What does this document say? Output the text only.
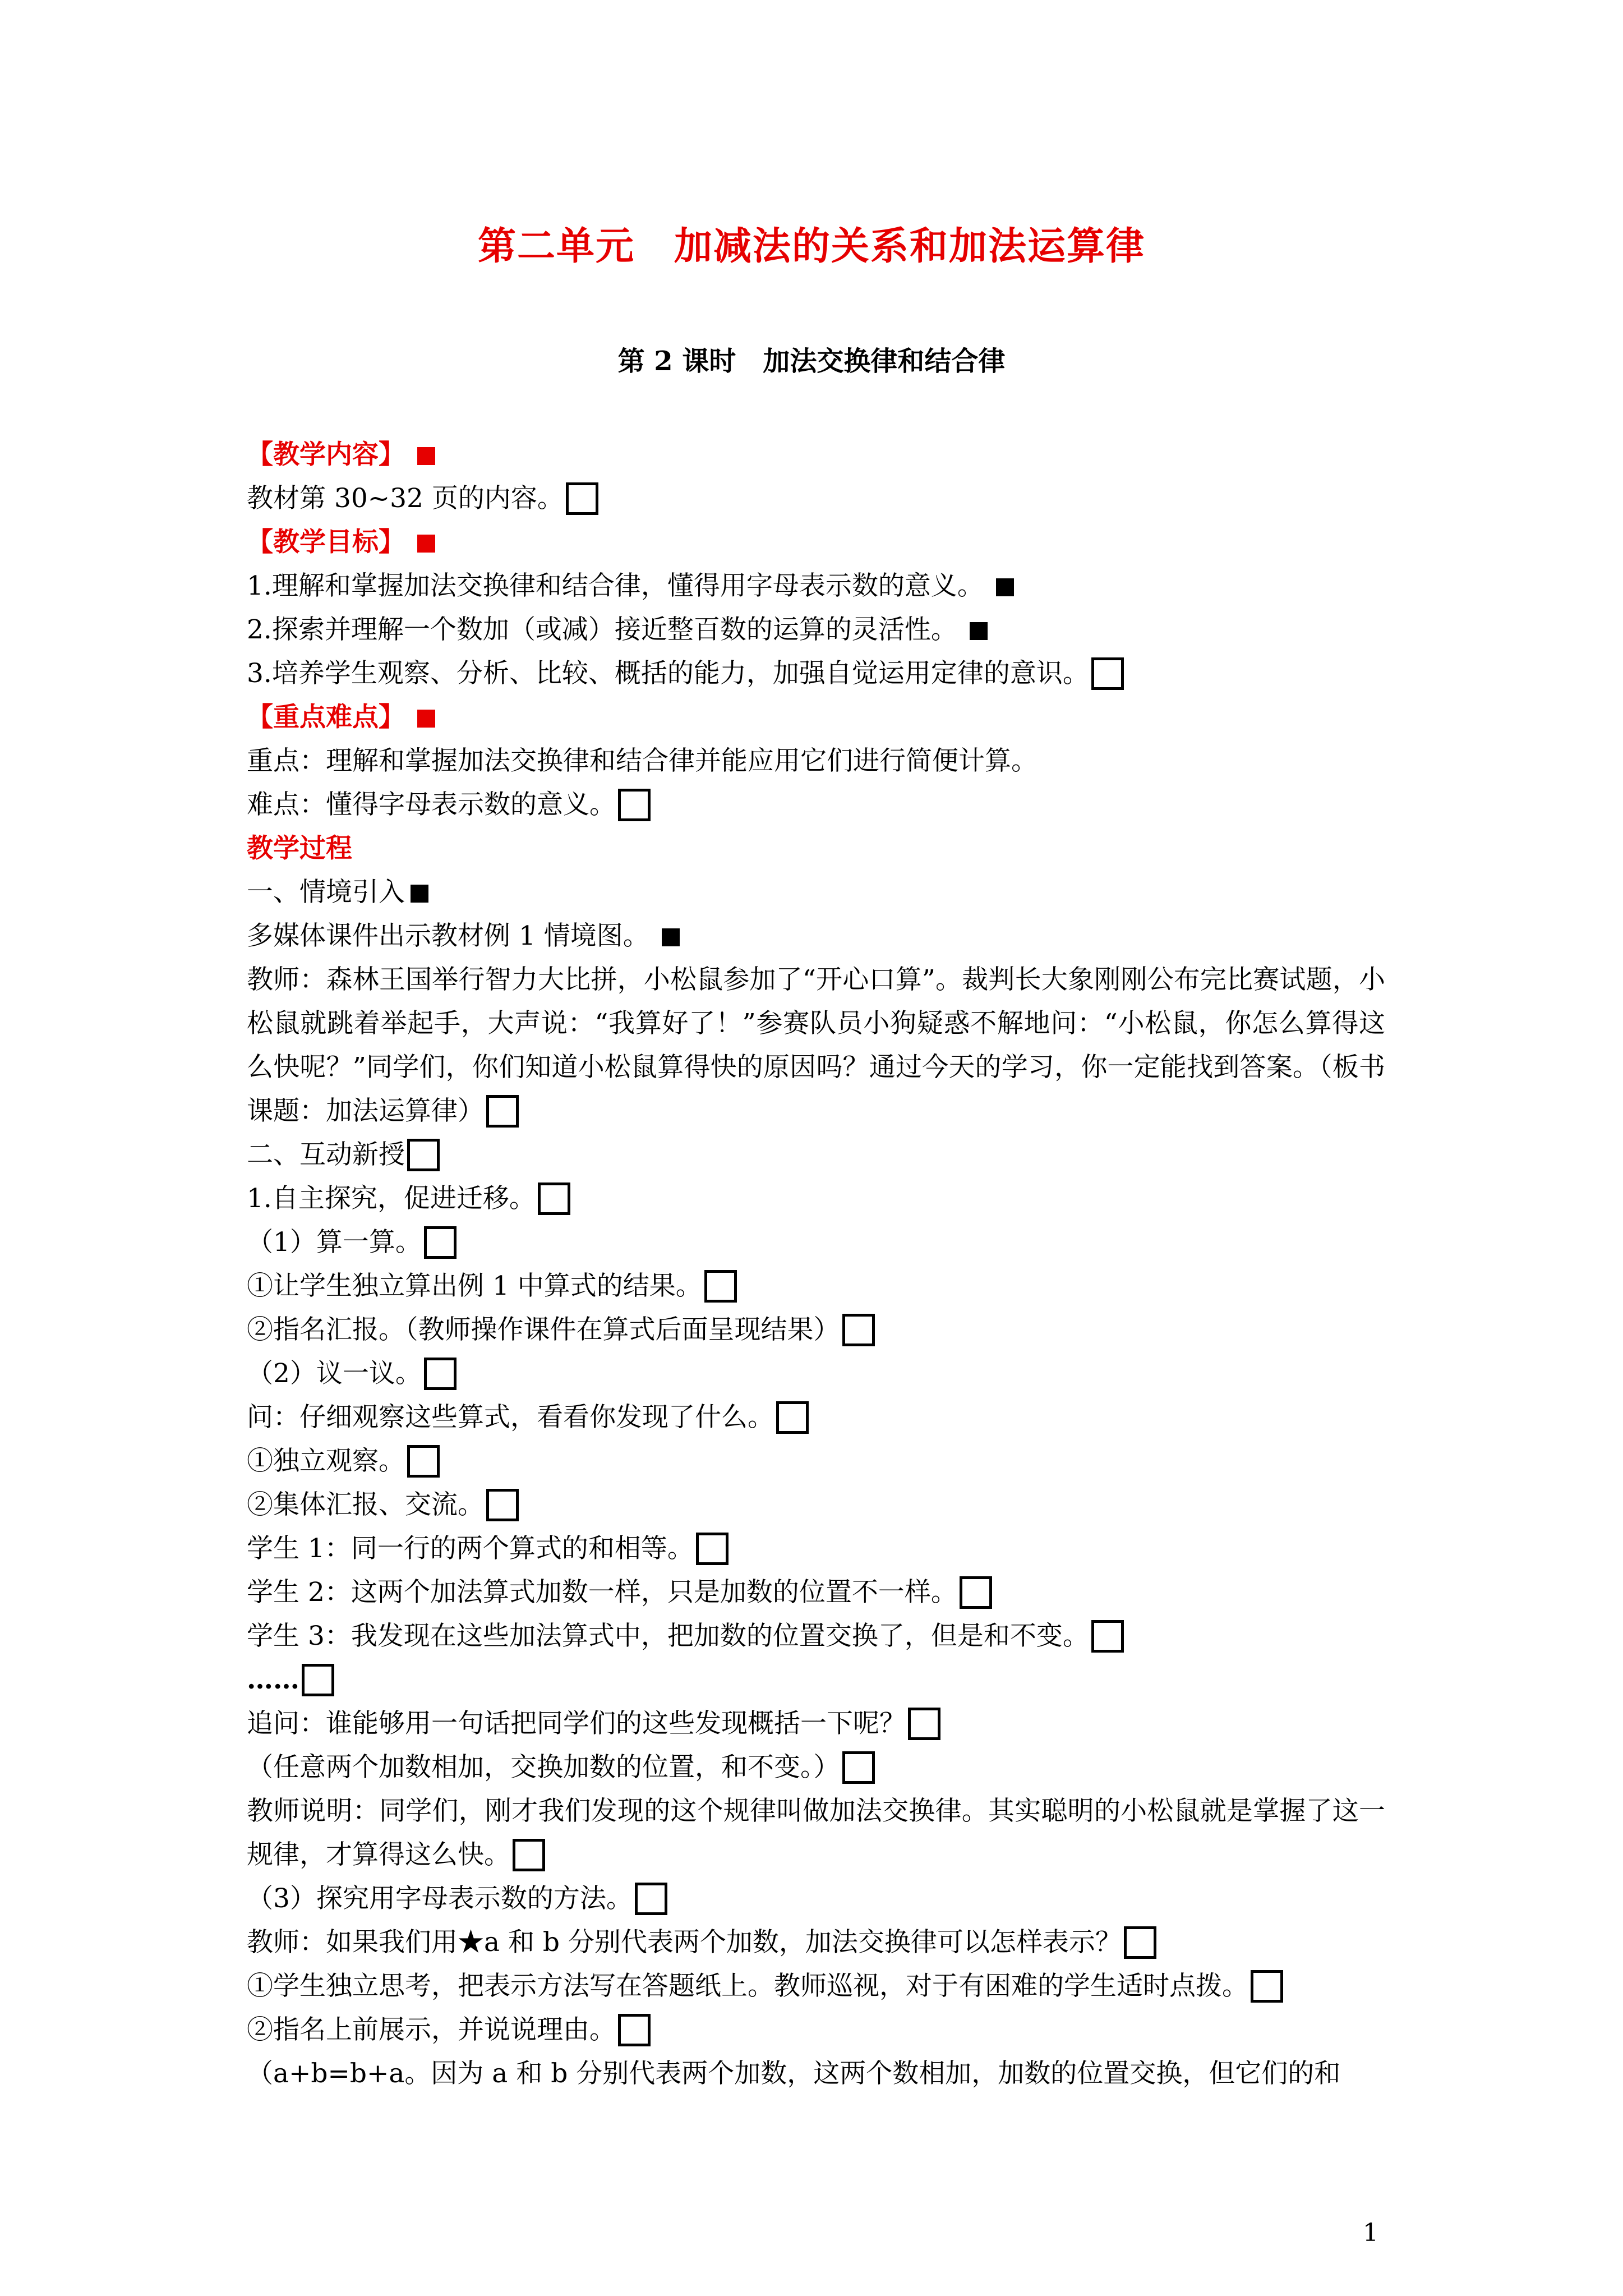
第二单元　加减法的关系和加法运算律
第 2 课时　加法交换律和结合律
【教学内容】
教材第 30~32 页的内容。
【教学目标】
1.理解和掌握加法交换律和结合律，懂得用字母表示数的意义。
2.探索并理解一个数加（或减）接近整百数的运算的灵活性。
3.培养学生观察、分析、比较、概括的能力，加强自觉运用定律的意识。
【重点难点】
重点：理解和掌握加法交换律和结合律并能应用它们进行简便计算。
难点：懂得字母表示数的意义。
教学过程
一、情境引入
多媒体课件出示教材例 1 情境图。
教师：森林王国举行智力大比拼，小松鼠参加了“开心口算”。裁判长大象刚刚公布完比赛试题，小松鼠就跳着举起手，大声说：“我算好了！”参赛队员小狗疑惑不解地问：“小松鼠，你怎么算得这么快呢？”同学们，你们知道小松鼠算得快的原因吗？通过今天的学习，你一定能找到答案。（板书课题：加法运算律）
二、互动新授
1.自主探究，促进迁移。
（1）算一算。
①让学生独立算出例 1 中算式的结果。
②指名汇报。（教师操作课件在算式后面呈现结果）
（2）议一议。
问：仔细观察这些算式，看看你发现了什么。
①独立观察。
②集体汇报、交流。
学生 1：同一行的两个算式的和相等。
学生 2：这两个加法算式加数一样，只是加数的位置不一样。
学生 3：我发现在这些加法算式中，把加数的位置交换了，但是和不变。
……
追问：谁能够用一句话把同学们的这些发现概括一下呢？
（任意两个加数相加，交换加数的位置，和不变。）
教师说明：同学们，刚才我们发现的这个规律叫做加法交换律。其实聪明的小松鼠就是掌握了这一规律，才算得这么快。
（3）探究用字母表示数的方法。
教师：如果我们用★a 和 b 分别代表两个加数，加法交换律可以怎样表示？
①学生独立思考，把表示方法写在答题纸上。教师巡视，对于有困难的学生适时点拨。
②指名上前展示，并说说理由。
（a+b=b+a。因为 a 和 b 分别代表两个加数，这两个数相加，加数的位置交换，但它们的和
1
